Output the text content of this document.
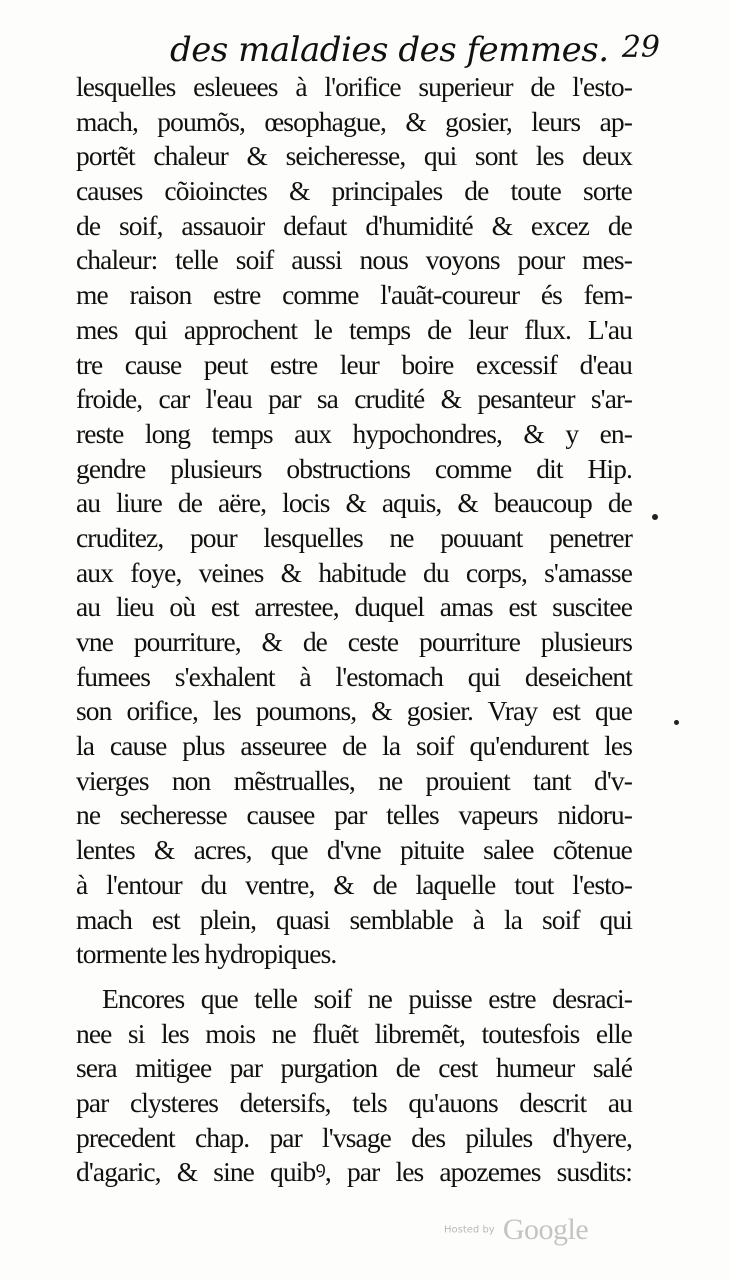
des maladies des femmes. 29
lesquelles esleuees à l'orifice superieur de l'esto-
mach, poumõs, œsophague, & gosier, leurs ap-
portẽt chaleur & seicheresse, qui sont les deux
causes cõioinctes & principales de toute sorte
de soif, assauoir defaut d'humidité & excez de
chaleur: telle soif aussi nous voyons pour mes-
me raison estre comme l'auãt-coureur és fem-
mes qui approchent le temps de leur flux. L'au
tre cause peut estre leur boire excessif d'eau
froide, car l'eau par sa crudité & pesanteur s'ar-
reste long temps aux hypochondres, & y en-
gendre plusieurs obstructions comme dit Hip.
au liure de aëre, locis & aquis, & beaucoup de
cruditez, pour lesquelles ne pouuant penetrer
aux foye, veines & habitude du corps, s'amasse
au lieu où est arrestee, duquel amas est suscitee
vne pourriture, & de ceste pourriture plusieurs
fumees s'exhalent à l'estomach qui deseichent
son orifice, les poumons, & gosier. Vray est que
la cause plus asseuree de la soif qu'endurent les
vierges non mẽstrualles, ne prouient tant d'v-
ne secheresse causee par telles vapeurs nidoru-
lentes & acres, que d'vne pituite salee cõtenue
à l'entour du ventre, & de laquelle tout l'esto-
mach est plein, quasi semblable à la soif qui
tormente les hydropiques.
Encores que telle soif ne puisse estre desraci-
nee si les mois ne fluẽt libremẽt, toutesfois elle
sera mitigee par purgation de cest humeur salé
par clysteres detersifs, tels qu'auons descrit au
precedent chap. par l'vsage des pilules d'hyere,
d'agaric, & sine quibꝰ, par les apozemes susdits:
Hosted by Google
